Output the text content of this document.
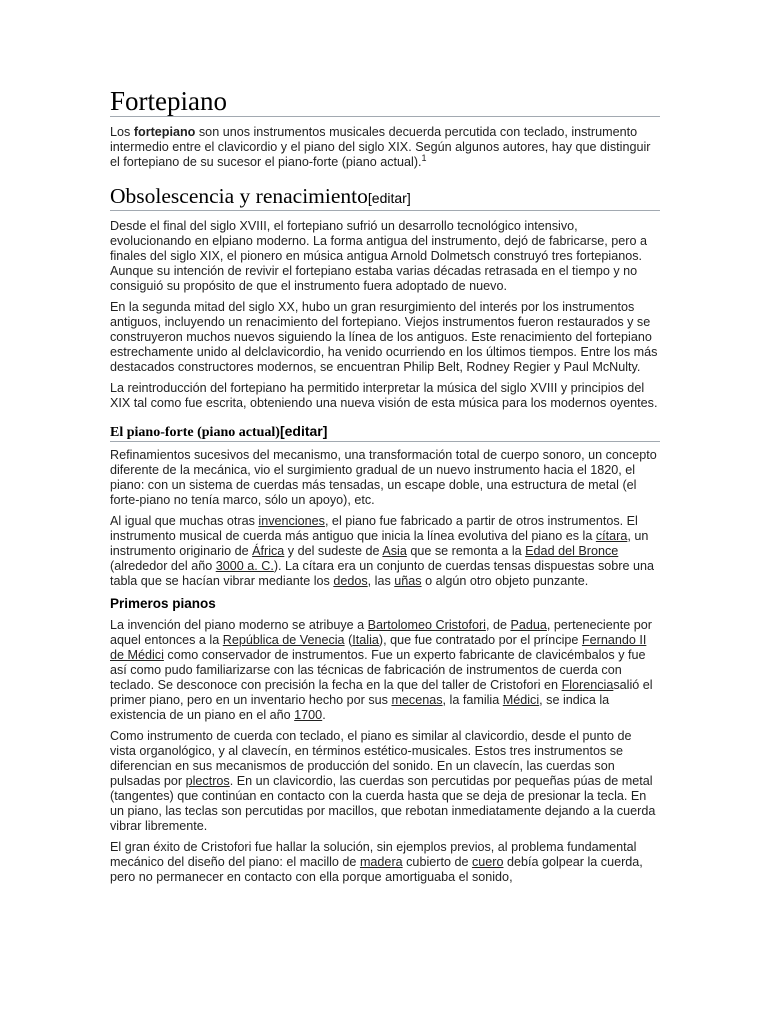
Fortepiano

Los fortepiano son unos instrumentos musicales decuerda percutida con teclado, instrumento intermedio entre el clavicordio y el piano del siglo XIX. Según algunos autores, hay que distinguir el fortepiano de su sucesor el piano-forte (piano actual).$^1$

Obsolescencia y renacimiento[editar]

Desde el final del siglo XVIII, el fortepiano sufrió un desarrollo tecnológico intensivo, evolucionando en elpiano moderno. La forma antigua del instrumento, dejó de fabricarse, pero a finales del siglo XIX, el pionero en música antigua Arnold Dolmetsch construyó tres fortepianos. Aunque su intención de revivir el fortepiano estaba varias décadas retrasada en el tiempo y no consiguió su propósito de que el instrumento fuera adoptado de nuevo.

En la segunda mitad del siglo XX, hubo un gran resurgimiento del interés por los instrumentos antiguos, incluyendo un renacimiento del fortepiano. Viejos instrumentos fueron restaurados y se construyeron muchos nuevos siguiendo la línea de los antiguos. Este renacimiento del fortepiano estrechamente unido al delclavicordio, ha venido ocurriendo en los últimos tiempos. Entre los más destacados constructores modernos, se encuentran Philip Belt, Rodney Regier y Paul McNulty.

La reintroducción del fortepiano ha permitido interpretar la música del siglo XVIII y principios del XIX tal como fue escrita, obteniendo una nueva visión de esta música para los modernos oyentes.

El piano-forte (piano actual)[editar]

Refinamientos sucesivos del mecanismo, una transformación total de cuerpo sonoro, un concepto diferente de la mecánica, vio el surgimiento gradual de un nuevo instrumento hacia el 1820, el piano: con un sistema de cuerdas más tensadas, un escape doble, una estructura de metal (el forte-piano no tenía marco, sólo un apoyo), etc.

Al igual que muchas otras invenciones, el piano fue fabricado a partir de otros instrumentos. El instrumento musical de cuerda más antiguo que inicia la línea evolutiva del piano es la cítara, un instrumento originario de África y del sudeste de Asia que se remonta a la Edad del Bronce (alrededor del año 3000 a. C.). La cítara era un conjunto de cuerdas tensas dispuestas sobre una tabla que se hacían vibrar mediante los dedos, las uñas o algún otro objeto punzante.

Primeros pianos

La invención del piano moderno se atribuye a Bartolomeo Cristofori, de Padua, perteneciente por aquel entonces a la República de Venecia (Italia), que fue contratado por el príncipe Fernando II de Médici como conservador de instrumentos. Fue un experto fabricante de clavicémbalos y fue así como pudo familiarizarse con las técnicas de fabricación de instrumentos de cuerda con teclado. Se desconoce con precisión la fecha en la que del taller de Cristofori en Florenciasalió el primer piano, pero en un inventario hecho por sus mecenas, la familia Médici, se indica la existencia de un piano en el año 1700.

Como instrumento de cuerda con teclado, el piano es similar al clavicordio, desde el punto de vista organológico, y al clavecín, en términos estético-musicales. Estos tres instrumentos se diferencian en sus mecanismos de producción del sonido. En un clavecín, las cuerdas son pulsadas por plectros. En un clavicordio, las cuerdas son percutidas por pequeñas púas de metal (tangentes) que continúan en contacto con la cuerda hasta que se deja de presionar la tecla. En un piano, las teclas son percutidas por macillos, que rebotan inmediatamente dejando a la cuerda vibrar libremente.

El gran éxito de Cristofori fue hallar la solución, sin ejemplos previos, al problema fundamental mecánico del diseño del piano: el macillo de madera cubierto de cuero debía golpear la cuerda, pero no permanecer en contacto con ella porque amortiguaba el sonido,
